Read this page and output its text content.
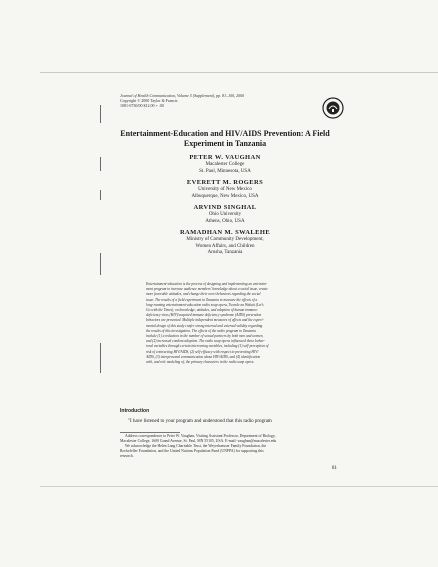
Journal of Health Communication, Volume 5 (Supplement), pp. 81–100, 2000
Copyright © 2000 Taylor & Francis
1081-0730/00 $12.00 + .00
Entertainment-Education and HIV/AIDS Prevention: A Field Experiment in Tanzania
PETER W. VAUGHAN
Macalester College
St. Paul, Minnesota, USA
EVERETT M. ROGERS
University of New Mexico
Albuquerque, New Mexico, USA
ARVIND SINGHAL
Ohio University
Athens, Ohio, USA
RAMADHAN M. SWALEHE
Ministry of Community Development,
Women Affairs, and Children
Arusha, Tanzania
Entertainment-education is the process of designing and implementing an entertain-
ment program to increase audience members' knowledge about a social issue, create
more favorable attitudes, and change their overt behaviors regarding the social
issue. The results of a field experiment in Tanzania to measure the effects of a
long-running entertainment-education radio soap opera, Twende na Wakati (Let's
Go with the Times), on knowledge, attitudes, and adoption of human immuno-
deficiency virus (HIV)/acquired immune deficiency syndrome (AIDS) prevention
behaviors are presented. Multiple independent measures of effects and the experi-
mental design of this study confer strong internal and external validity regarding
the results of this investigation. The effects of the radio program in Tanzania
include (1) a reduction in the number of sexual partners by both men and women,
and (2) increased condom adoption. The radio soap opera influenced these behav-
ioral variables through certain intervening variables, including (1) self-perception of
risk of contracting HIV/AIDS, (2) self-efficacy with respect to preventing HIV/
AIDS, (3) interpersonal communication about HIV/AIDS, and (4) identification
with, and role modeling of, the primary characters in the radio soap opera.
Introduction
"I have listened to your program and understood that this radio program
Address correspondence to Peter W. Vaughan, Visiting Assistant Professor, Department of Biology,
Macalester College, 1600 Grand Avenue, St. Paul, MN 55105, USA. E-mail: vaughan@macalester.edu
We acknowledge the Helen Lang Charitable Trust, the Weyerhaeuser Family Foundation, the
Rockefeller Foundation, and the United Nations Population Fund (UNFPA) for supporting this
research.
81
